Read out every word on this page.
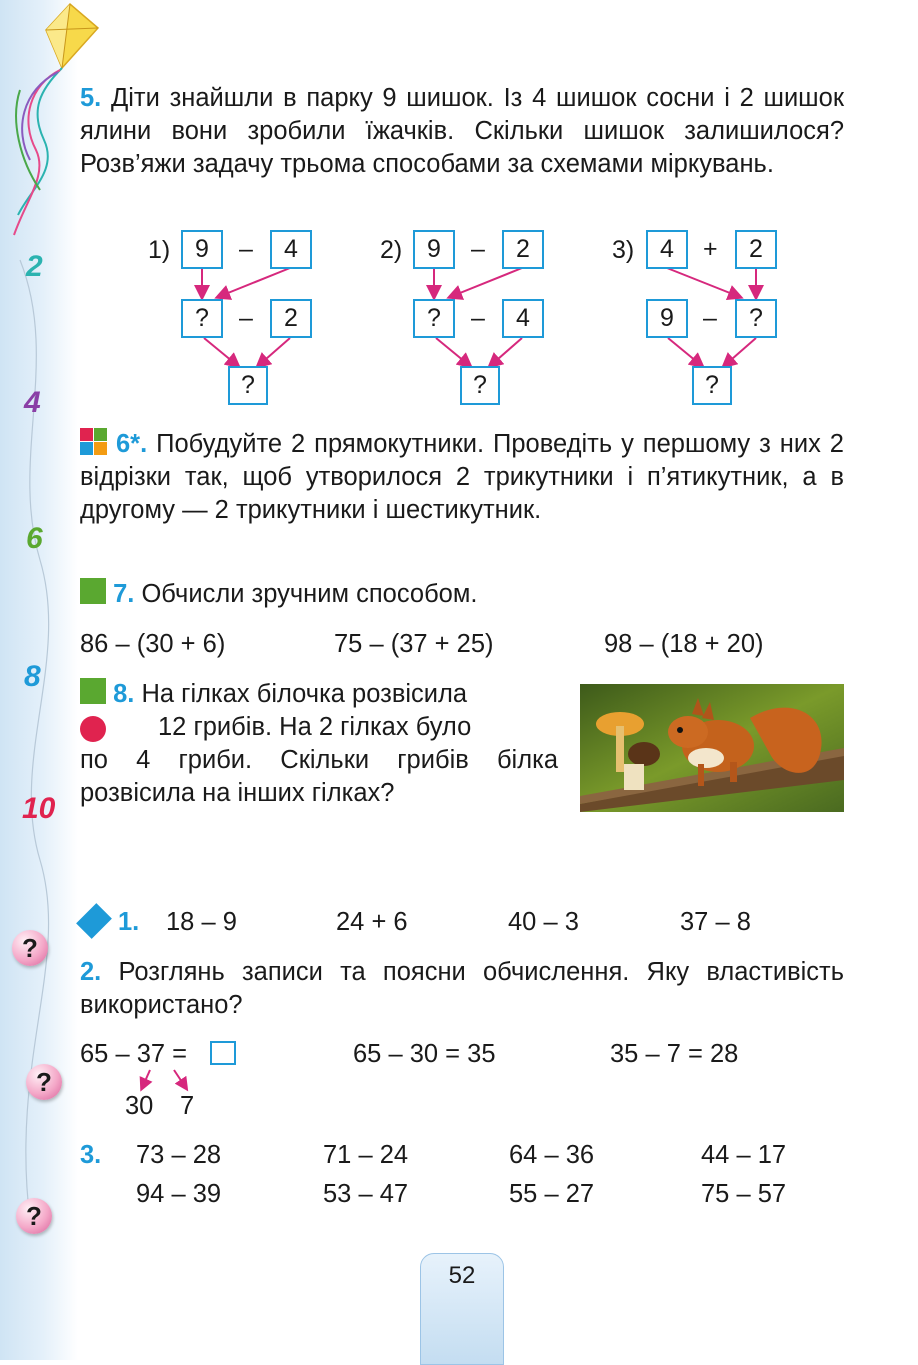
2
4
6
8
10
?
?
?
5. Діти знайшли в парку 9 шишок. Із 4 шишок сосни і 2 шишок ялини вони зробили їжачків. Скільки шишок залишилося? Розв’яжи задачу трьома способами за схемами міркувань.
1) 9	–	4
?	–	2
?
2) 9	–	2
?	–	4
?
3)	4	+	2
9	–	?
?
6*. Побудуйте 2 прямокутники. Проведіть у першому з них 2 відрізки так, щоб утворилося 2 трикутники і п’ятикутник, а в другому — 2 трикутники і шестикутник.
7. Обчисли зручним способом.
86 – (30 + 6)	75 – (37 + 25)	98 – (18 + 20)
8. На гілках білочка розвісила
12 грибів. На 2 гілках було
по 4 гриби. Скільки грибів білка розвісила на інших гілках?
1. 18 – 9	24 + 6	40 – 3	37 – 8
2. Розглянь записи та поясни обчислення. Яку властивість використано?
65 – 37 =
30 7
65 – 30 = 35	35 – 7 = 28
3. 73 – 28	71 – 24	64 – 36	44 – 17
94 – 39	53 – 47	55 – 27	75 – 57
52
